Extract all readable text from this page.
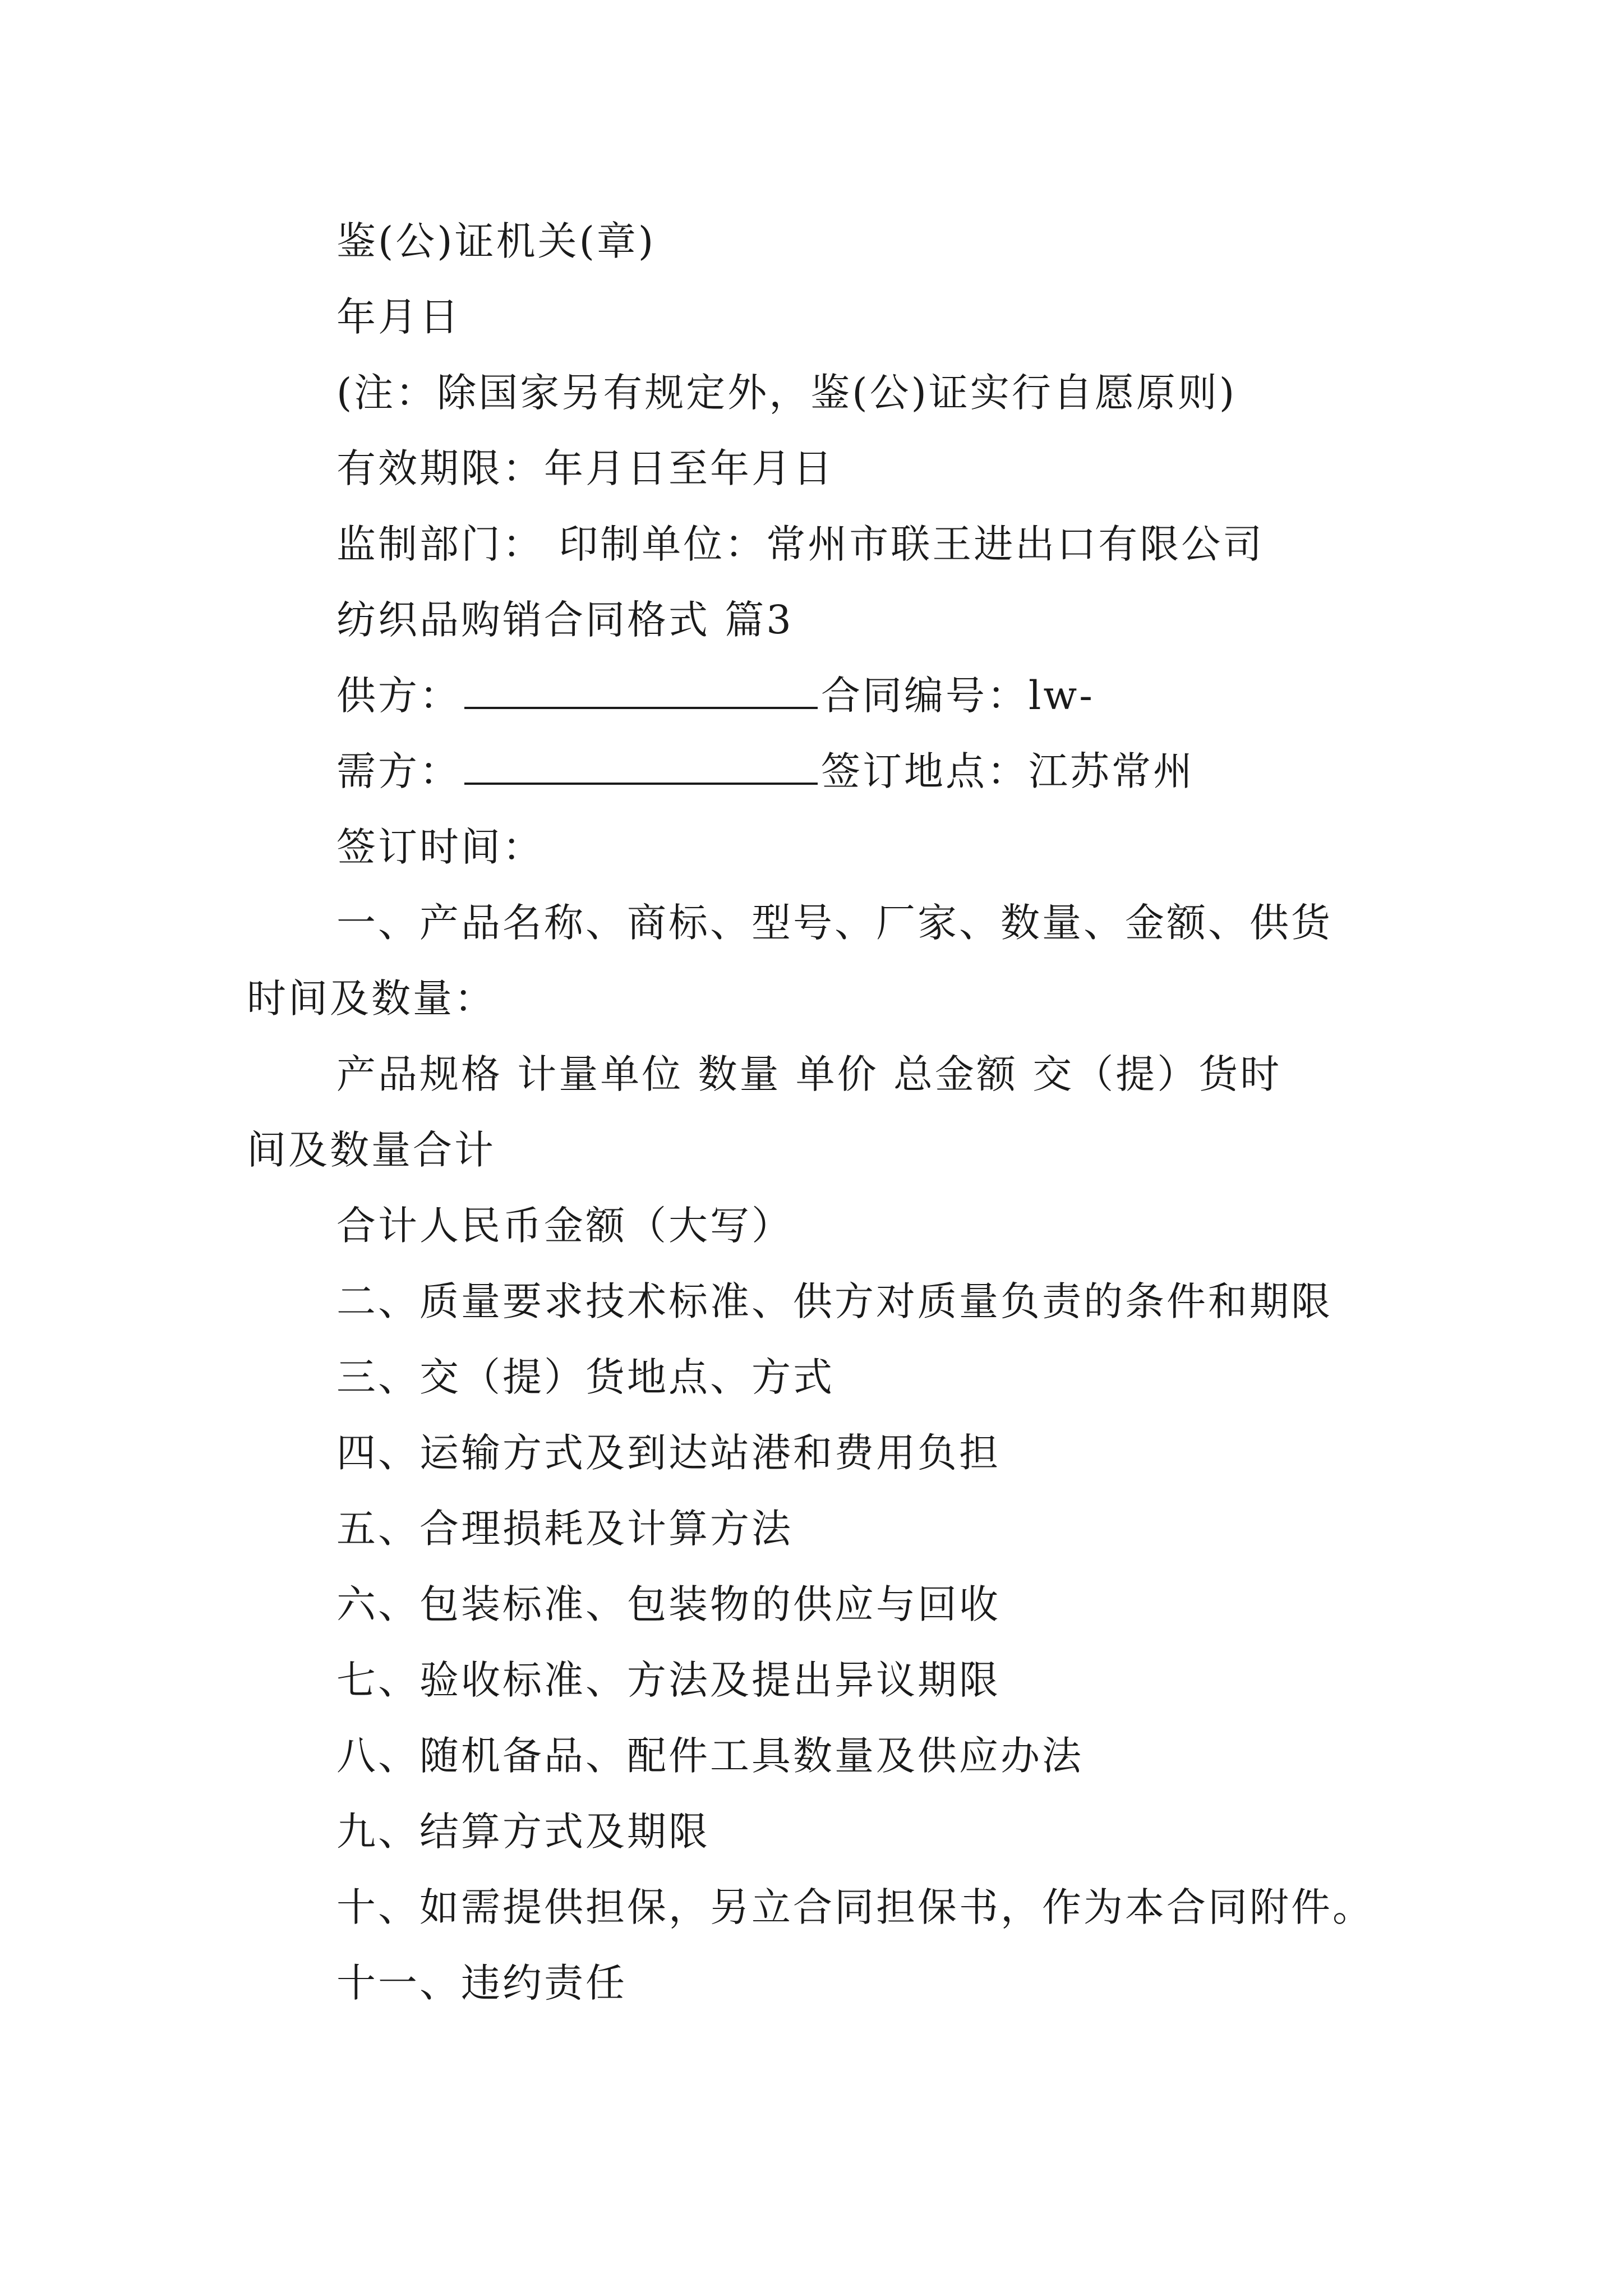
鉴(公)证机关(章)
年月日
(注：除国家另有规定外，鉴(公)证实行自愿原则)
有效期限：年月日至年月日
监制部门： 印制单位：常州市联王进出口有限公司
纺织品购销合同格式 篇3
供方：	合同编号：lw-
需方：	签订地点：江苏常州
签订时间：
一、产品名称、商标、型号、厂家、数量、金额、供货
时间及数量：
产品规格 计量单位 数量 单价 总金额 交（提）货时
间及数量合计
合计人民币金额（大写）
二、质量要求技术标准、供方对质量负责的条件和期限
三、交（提）货地点、方式
四、运输方式及到达站港和费用负担
五、合理损耗及计算方法
六、包装标准、包装物的供应与回收
七、验收标准、方法及提出异议期限
八、随机备品、配件工具数量及供应办法
九、结算方式及期限
十、如需提供担保，另立合同担保书，作为本合同附件。
十一、违约责任
